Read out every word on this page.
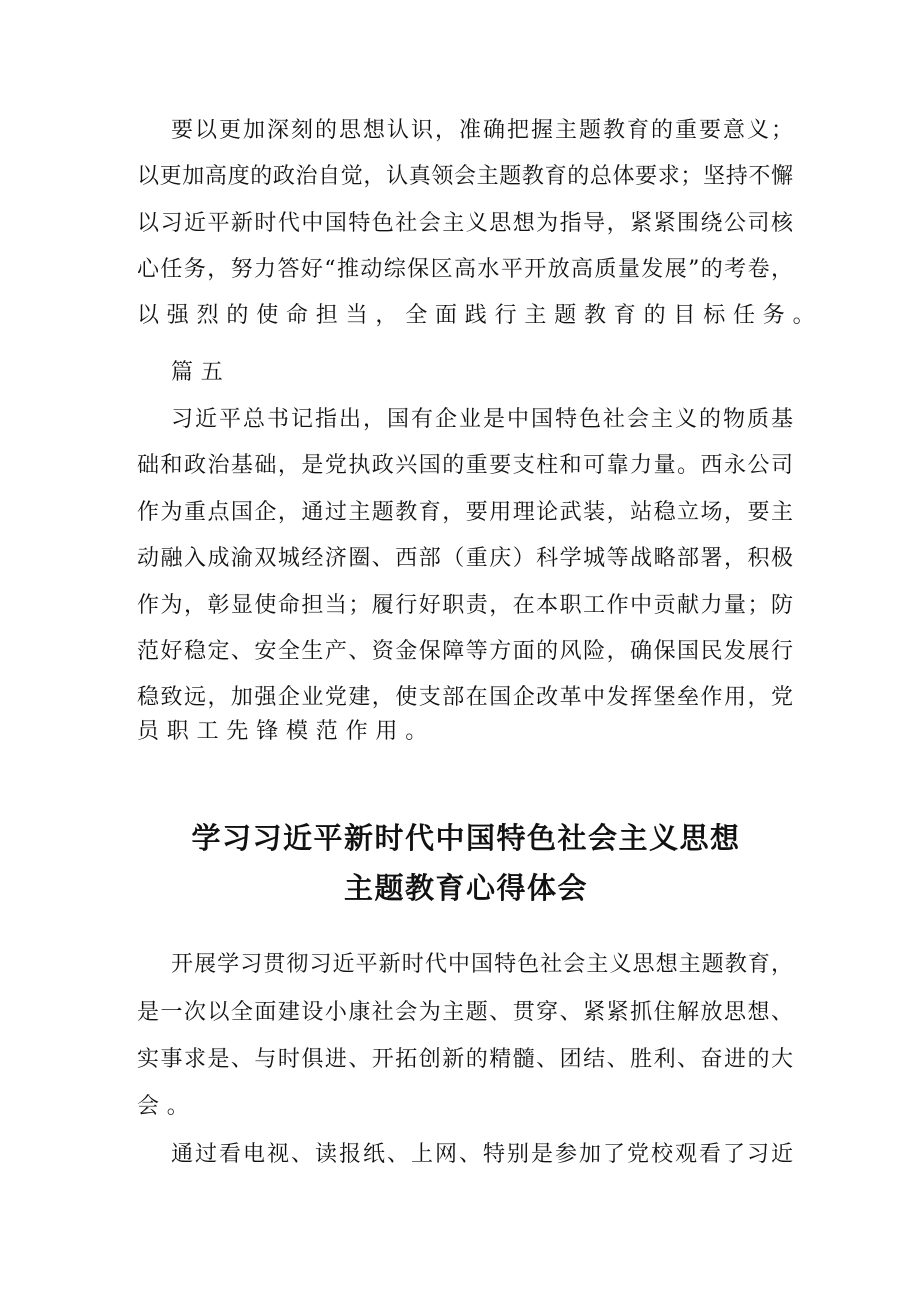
要以更加深刻的思想认识，准确把握主题教育的重要意义；
以更加高度的政治自觉，认真领会主题教育的总体要求；坚持不懈
以习近平新时代中国特色社会主义思想为指导，紧紧围绕公司核
心任务，努力答好“推动综保区高水平开放高质量发展”的考卷，
以强烈的使命担当，全面践行主题教育的目标任务。
篇五
习近平总书记指出，国有企业是中国特色社会主义的物质基
础和政治基础，是党执政兴国的重要支柱和可靠力量。西永公司
作为重点国企，通过主题教育，要用理论武装，站稳立场，要主
动融入成渝双城经济圈、西部（重庆）科学城等战略部署，积极
作为，彰显使命担当；履行好职责，在本职工作中贡献力量；防
范好稳定、安全生产、资金保障等方面的风险，确保国民发展行
稳致远，加强企业党建，使支部在国企改革中发挥堡垒作用，党
员职工先锋模范作用。
学习习近平新时代中国特色社会主义思想
主题教育心得体会
开展学习贯彻习近平新时代中国特色社会主义思想主题教育，
是一次以全面建设小康社会为主题、贯穿、紧紧抓住解放思想、
实事求是、与时俱进、开拓创新的精髓、团结、胜利、奋进的大
会。
通过看电视、读报纸、上网、特别是参加了党校观看了习近
